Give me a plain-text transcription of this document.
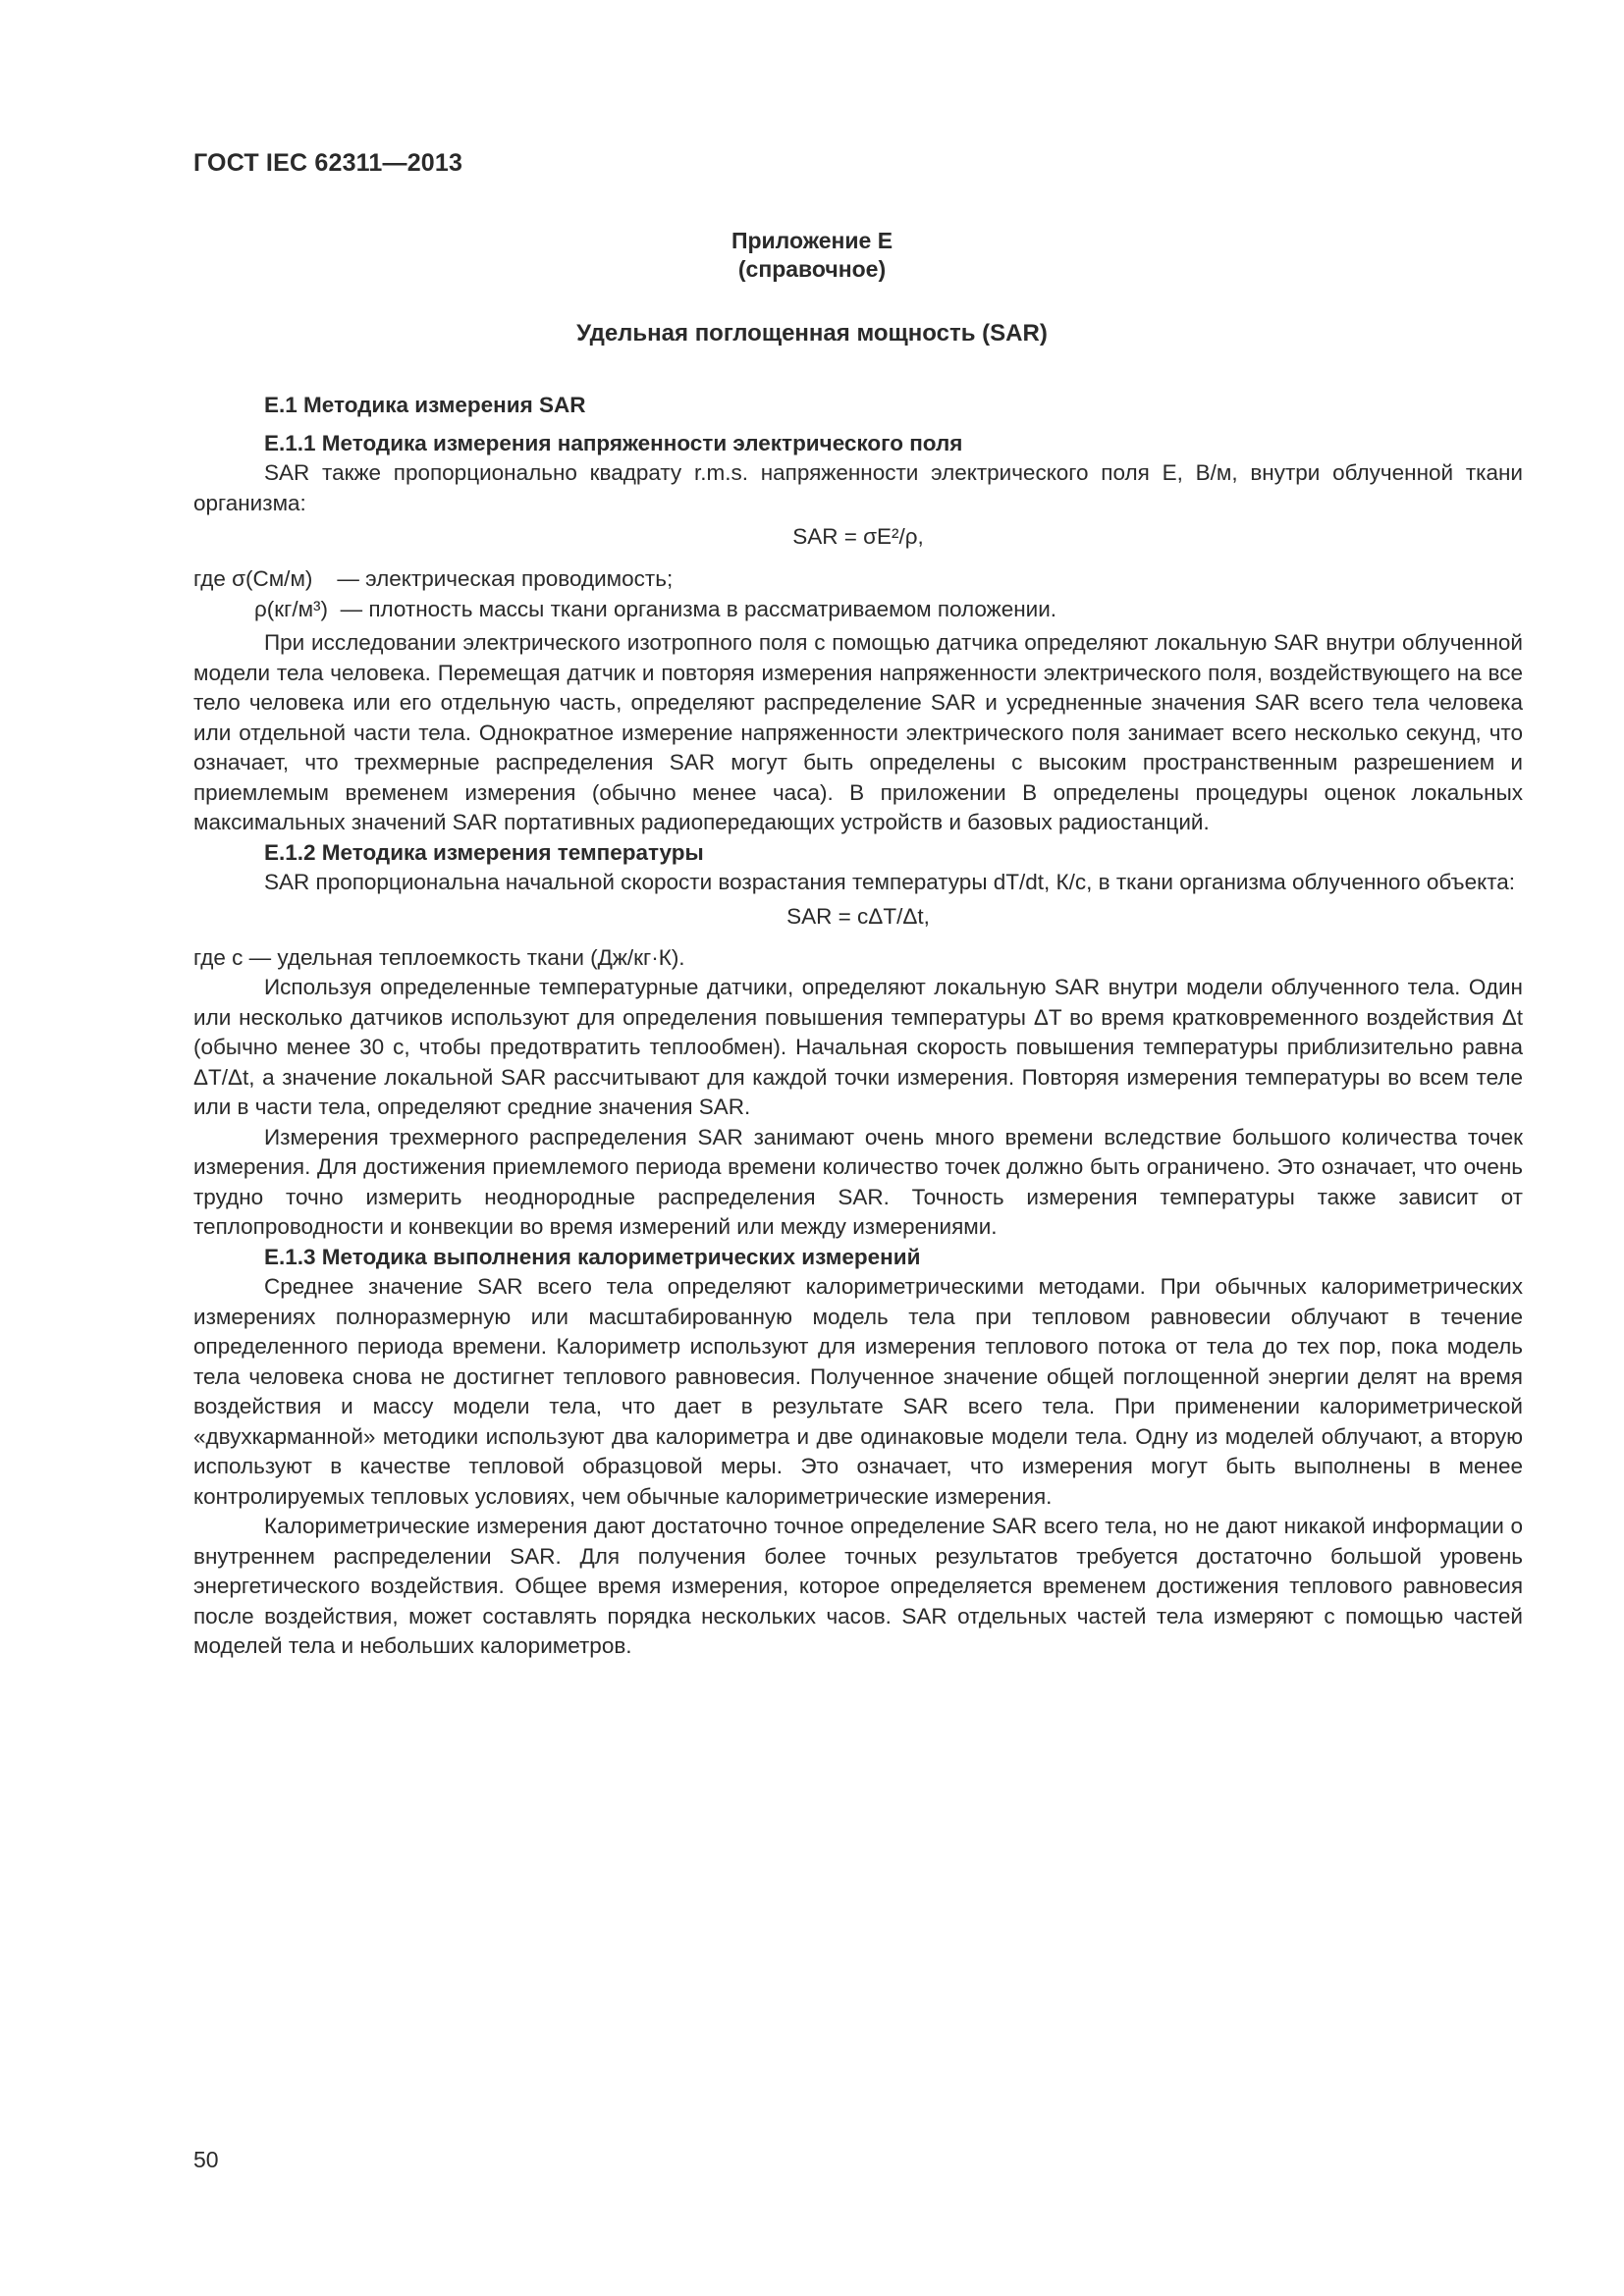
ГОСТ IEC 62311—2013
Приложение Е
(справочное)
Удельная поглощенная мощность (SAR)
E.1 Методика измерения SAR
E.1.1 Методика измерения напряженности электрического поля

SAR также пропорционально квадрату r.m.s. напряженности электрического поля E, В/м, внутри облученной ткани организма:

SAR = σE²/ρ,
где σ(См/м) — электрическая проводимость;
ρ(кг/м³) — плотность массы ткани организма в рассматриваемом положении.

При исследовании электрического изотропного поля с помощью датчика определяют локальную SAR внутри облученной модели тела человека. Перемещая датчик и повторяя измерения напряженности электрического поля, воздействующего на все тело человека или его отдельную часть, определяют распределение SAR и усредненные значения SAR всего тела человека или отдельной части тела. Однократное измерение напряженности электрического поля занимает всего несколько секунд, что означает, что трехмерные распределения SAR могут быть определены с высоким пространственным разрешением и приемлемым временем измерения (обычно менее часа). В приложении В определены процедуры оценок локальных максимальных значений SAR портативных радиопередающих устройств и базовых радиостанций.

E.1.2 Методика измерения температуры

SAR пропорциональна начальной скорости возрастания температуры dT/dt, К/с, в ткани организма облученного объекта:

SAR = cΔT/Δt,

где c — удельная теплоемкость ткани (Дж/кг·К).

Используя определенные температурные датчики, определяют локальную SAR внутри модели облученного тела. Один или несколько датчиков используют для определения повышения температуры ΔT во время кратковременного воздействия Δt (обычно менее 30 с, чтобы предотвратить теплообмен). Начальная скорость повышения температуры приблизительно равна ΔT/Δt, а значение локальной SAR рассчитывают для каждой точки измерения. Повторяя измерения температуры во всем теле или в части тела, определяют средние значения SAR.

Измерения трехмерного распределения SAR занимают очень много времени вследствие большого количества точек измерения. Для достижения приемлемого периода времени количество точек должно быть ограничено. Это означает, что очень трудно точно измерить неоднородные распределения SAR. Точность измерения температуры также зависит от теплопроводности и конвекции во время измерений или между измерениями.

E.1.3 Методика выполнения калориметрических измерений

Среднее значение SAR всего тела определяют калориметрическими методами. При обычных калориметрических измерениях полноразмерную или масштабированную модель тела при тепловом равновесии облучают в течение определенного периода времени. Калориметр используют для измерения теплового потока от тела до тех пор, пока модель тела человека снова не достигнет теплового равновесия. Полученное значение общей поглощенной энергии делят на время воздействия и массу модели тела, что дает в результате SAR всего тела. При применении калориметрической «двухкарманной» методики используют два калориметра и две одинаковые модели тела. Одну из моделей облучают, а вторую используют в качестве тепловой образцовой меры. Это означает, что измерения могут быть выполнены в менее контролируемых тепловых условиях, чем обычные калориметрические измерения.

Калориметрические измерения дают достаточно точное определение SAR всего тела, но не дают никакой информации о внутреннем распределении SAR. Для получения более точных результатов требуется достаточно большой уровень энергетического воздействия. Общее время измерения, которое определяется временем достижения теплового равновесия после воздействия, может составлять порядка нескольких часов. SAR отдельных частей тела измеряют с помощью частей моделей тела и небольших калориметров.

50
